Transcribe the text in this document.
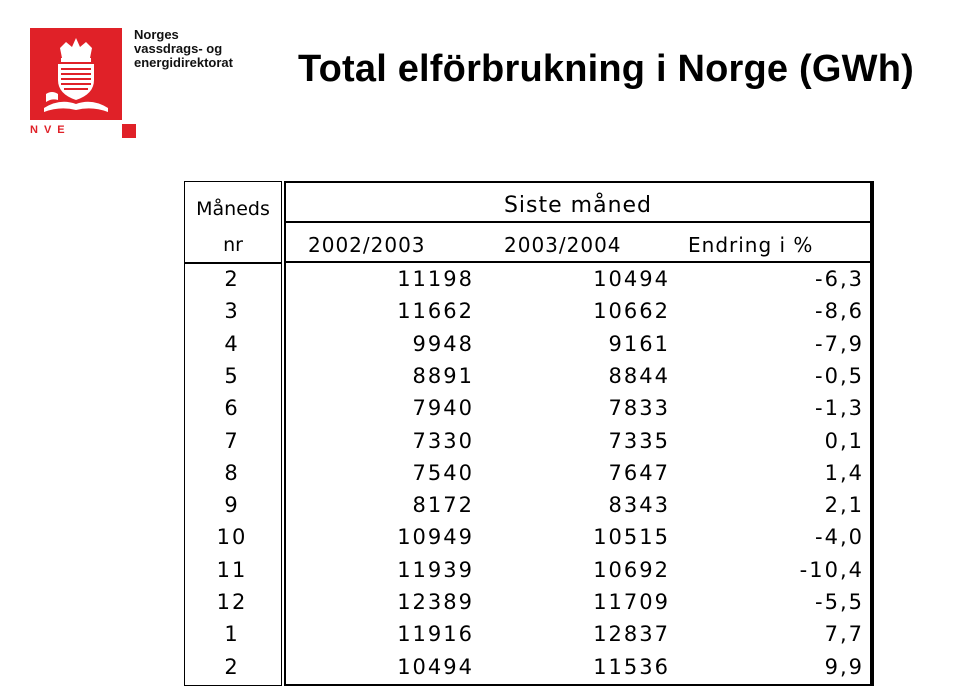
N V E
Norges
vassdrags- og
energidirektorat Total elförbrukning i Norge (GWh)
Måneds
nr
Siste måned
2002/2003	2003/2004	Endring i %
2	11198	10494	-6,3
3	11662	10662	-8,6
4	9948	9161	-7,9
5	8891	8844	-0,5
6	7940	7833	-1,3
7	7330	7335	0,1
8	7540	7647	1,4
9	8172	8343	2,1
10	10949	10515	-4,0
11	11939	10692	-10,4
12	12389	11709	-5,5
1	11916	12837	7,7
2	10494	11536	9,9
